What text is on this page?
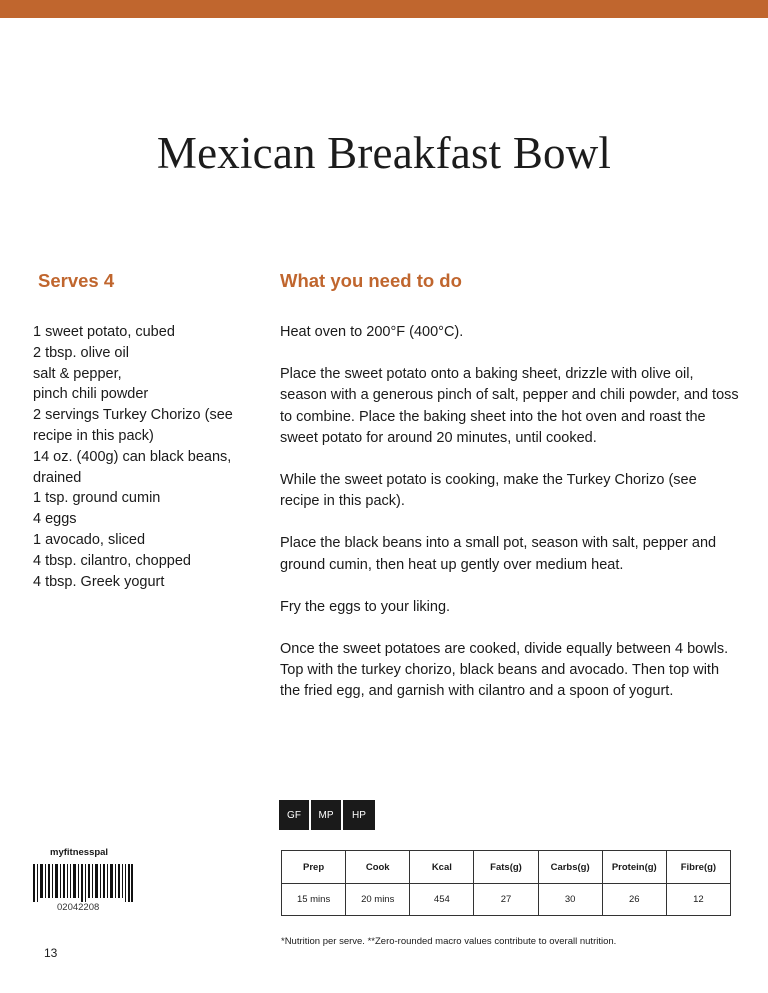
Mexican Breakfast Bowl
Serves 4	What you need to do
1 sweet potato, cubed
2 tbsp. olive oil
salt & pepper,
pinch chili powder
2 servings Turkey Chorizo (see
recipe in this pack)
14 oz. (400g) can black beans,
drained
1 tsp. ground cumin
4 eggs
1 avocado, sliced
4 tbsp. cilantro, chopped
4 tbsp. Greek yogurt

Heat oven to 200°F (400°C).

Place the sweet potato onto a baking sheet, drizzle with olive oil, season with a generous pinch of salt, pepper and chili powder, and toss to combine. Place the baking sheet into the hot oven and roast the sweet potato for around 20 minutes, until cooked.

While the sweet potato is cooking, make the Turkey Chorizo (see recipe in this pack).

Place the black beans into a small pot, season with salt, pepper and ground cumin, then heat up gently over medium heat.

Fry the eggs to your liking.

Once the sweet potatoes are cooked, divide equally between 4 bowls. Top with the turkey chorizo, black beans and avocado. Then top with the fried egg, and garnish with cilantro and a spoon of yogurt.

GF	MP	HP
myfitnesspal
02042208
13
Prep	Cook	Kcal	Fats(g)	Carbs(g)	Protein(g)	Fibre(g)
15 mins	20 mins	454	27	30	26	12
*Nutrition per serve. **Zero-rounded macro values contribute to overall nutrition.
